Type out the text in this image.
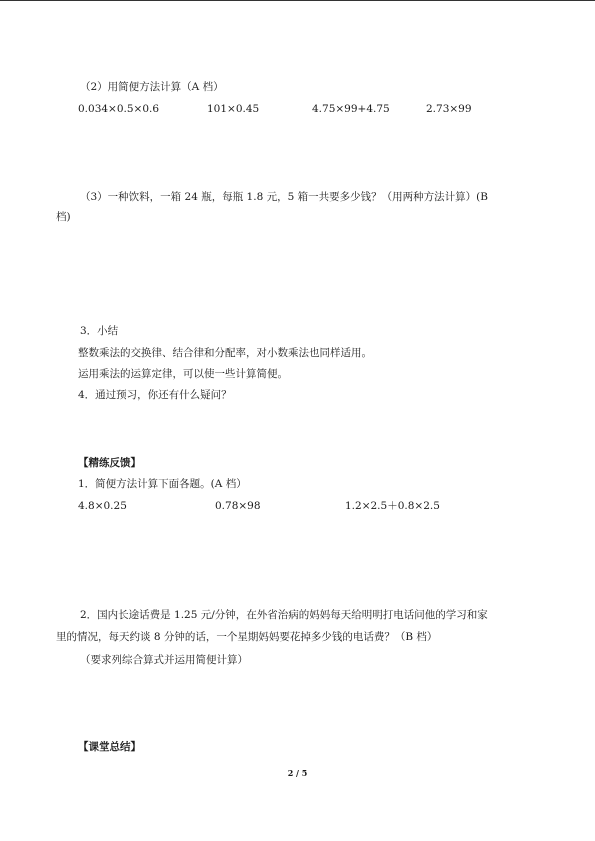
（2）用简便方法计算（A 档）
0.034×0.5×0.6	101×0.45	4.75×99+4.75	2.73×99
（3）一种饮料，一箱 24 瓶，每瓶 1.8 元，5 箱一共要多少钱？（用两种方法计算）(B
档)
3．小结
整数乘法的交换律、结合律和分配率，对小数乘法也同样适用。
运用乘法的运算定律，可以使一些计算简便。
4．通过预习，你还有什么疑问？
【精练反馈】
1．简便方法计算下面各题。(A 档）
4.8×0.25	0.78×98	1.2×2.5＋0.8×2.5
2．国内长途话费是 1.25 元/分钟，在外省治病的妈妈每天给明明打电话问他的学习和家
里的情况，每天约谈 8 分钟的话，一个星期妈妈要花掉多少钱的电话费？（B 档）
（要求列综合算式并运用简便计算）
【课堂总结】
2 / 5
